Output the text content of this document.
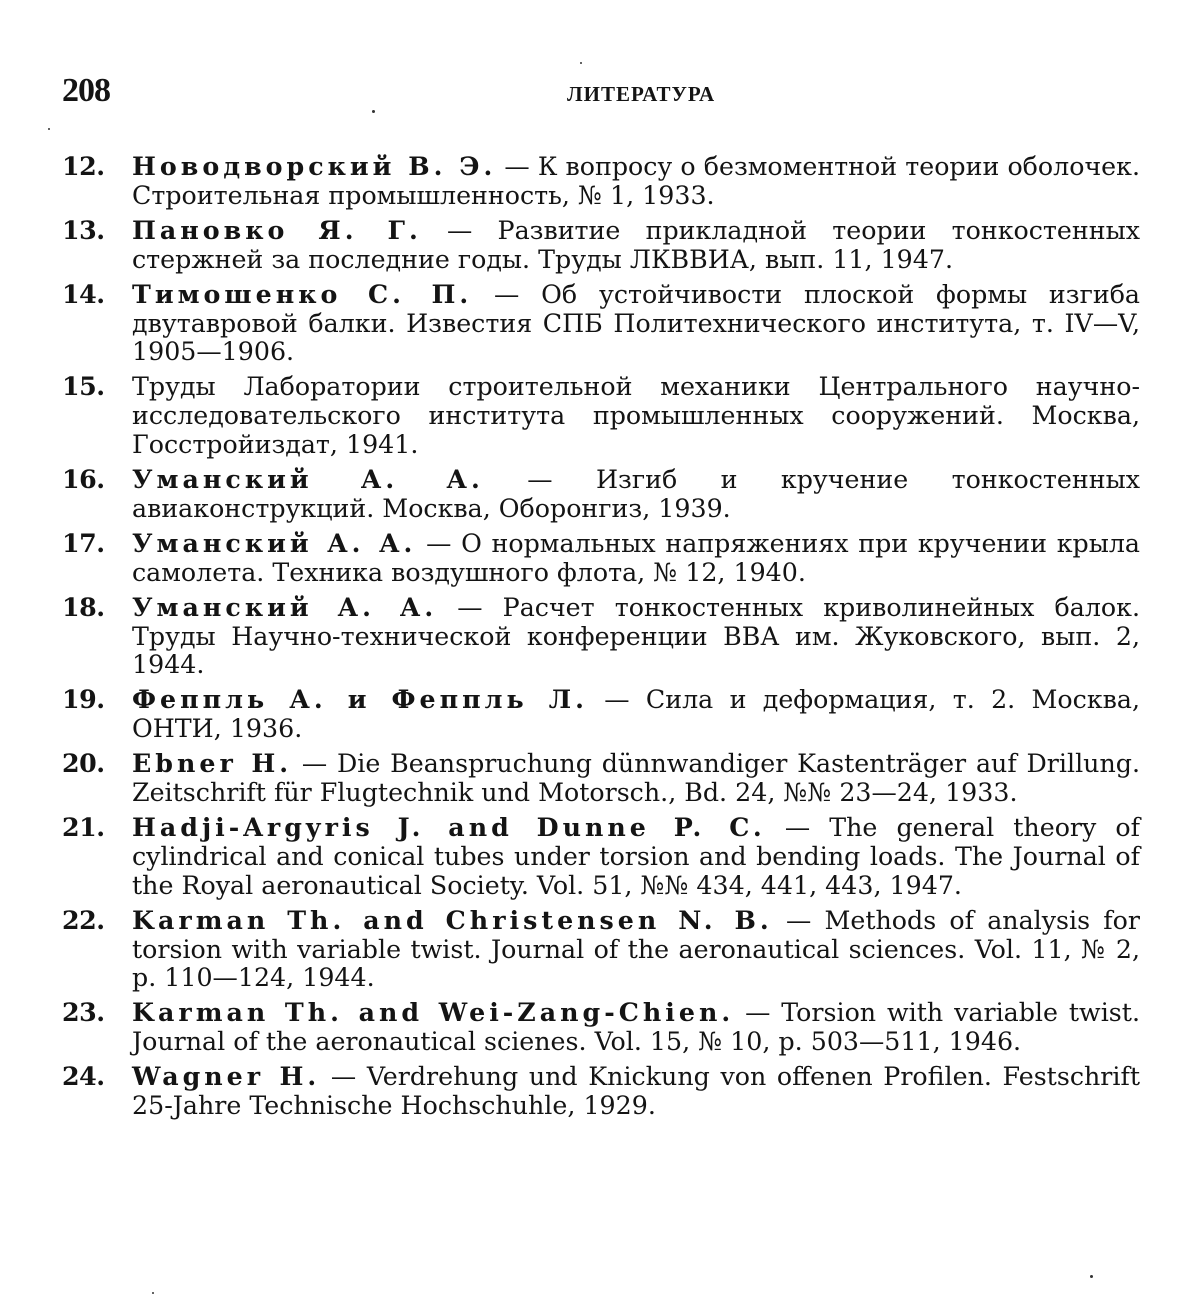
208	ЛИТЕРАТУРА
12. Новодворский В. Э. — К вопросу о безмоментной теории оболочек. Строительная промышленность, № 1, 1933.
13. Пановко Я. Г. — Развитие прикладной теории тонкостенных стержней за последние годы. Труды ЛКВВИА, вып. 11, 1947.
14. Тимошенко С. П. — Об устойчивости плоской формы изгиба двутавровой балки. Известия СПБ Политехнического института, т. IV—V, 1905—1906.
15. Труды Лаборатории строительной механики Центрального научно-исследовательского института промышленных сооружений. Москва, Госстройиздат, 1941.
16. Уманский А. А. — Изгиб и кручение тонкостенных авиаконструкций. Москва, Оборонгиз, 1939.
17. Уманский А. А. — О нормальных напряжениях при кручении крыла самолета. Техника воздушного флота, № 12, 1940.
18. Уманский А. А. — Расчет тонкостенных криволинейных балок. Труды Научно-технической конференции ВВА им. Жуковского, вып. 2, 1944.
19. Феппль А. и Феппль Л. — Сила и деформация, т. 2. Москва, ОНТИ, 1936.
20. Ebner H. — Die Beanspruchung dünnwandiger Kastenträger auf Drillung. Zeitschrift für Flugtechnik und Motorsch., Bd. 24, №№ 23—24, 1933.
21. Hadji-Argyris J. and Dunne P. C. — The general theory of cylindrical and conical tubes under torsion and bending loads. The Journal of the Royal aeronautical Society. Vol. 51, №№ 434, 441, 443, 1947.
22. Karman Th. and Christensen N. B. — Methods of analysis for torsion with variable twist. Journal of the aeronautical sciences. Vol. 11, № 2, p. 110—124, 1944.
23. Karman Th. and Wei-Zang-Chien. — Torsion with variable twist. Journal of the aeronautical scienes. Vol. 15, № 10, p. 503—511, 1946.
24. Wagner H. — Verdrehung und Knickung von offenen Profilen. Festschrift 25-Jahre Technische Hochschuhle, 1929.
